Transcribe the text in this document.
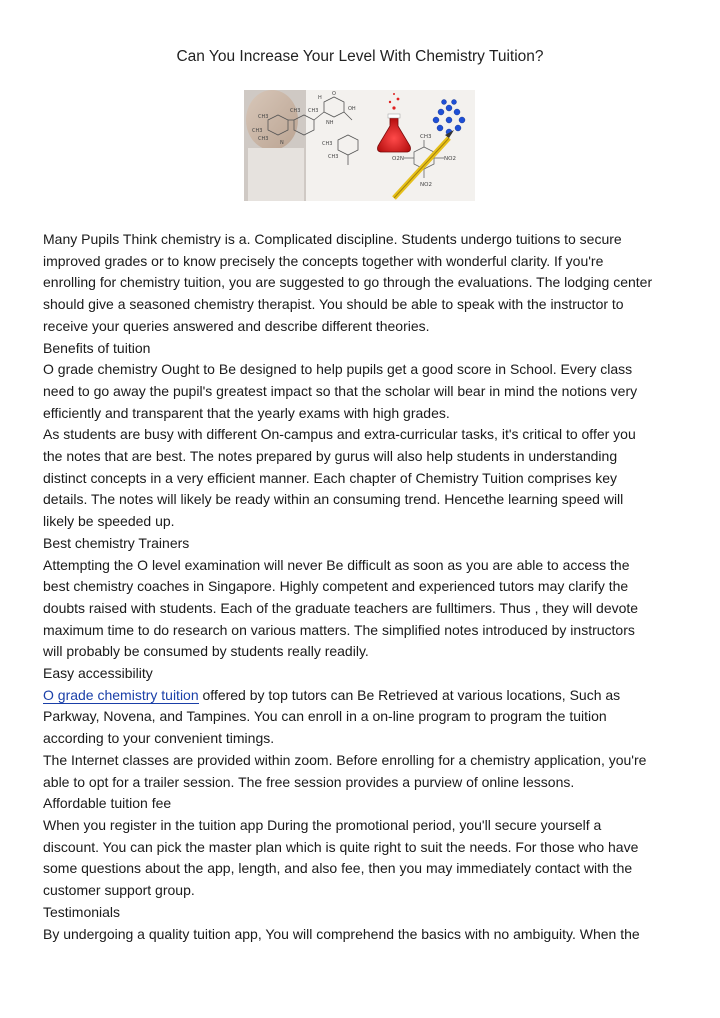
Can You Increase Your Level With Chemistry Tuition?
H
O
CH3
CH3 CH3
CH3
CH3
N
NH
OH
CH3
CH3
CH3
O2N	NO2
NO2
Many Pupils Think chemistry is a. Complicated discipline. Students undergo tuitions to secure
improved grades or to know precisely the concepts together with wonderful clarity. If you're
enrolling for chemistry tuition, you are suggested to go through the evaluations. The lodging center
should give a seasoned chemistry therapist. You should be able to speak with the instructor to
receive your queries answered and describe different theories.
Benefits of tuition
O grade chemistry Ought to Be designed to help pupils get a good score in School. Every class
need to go away the pupil's greatest impact so that the scholar will bear in mind the notions very
efficiently and transparent that the yearly exams with high grades.
As students are busy with different On-campus and extra-curricular tasks, it's critical to offer you
the notes that are best. The notes prepared by gurus will also help students in understanding
distinct concepts in a very efficient manner. Each chapter of Chemistry Tuition comprises key
details. The notes will likely be ready within an consuming trend. Hencethe learning speed will
likely be speeded up.
Best chemistry Trainers
Attempting the O level examination will never Be difficult as soon as you are able to access the
best chemistry coaches in Singapore. Highly competent and experienced tutors may clarify the
doubts raised with students. Each of the graduate teachers are fulltimers. Thus , they will devote
maximum time to do research on various matters. The simplified notes introduced by instructors
will probably be consumed by students really readily.
Easy accessibility
O grade chemistry tuition offered by top tutors can Be Retrieved at various locations, Such as
Parkway, Novena, and Tampines. You can enroll in a on-line program to program the tuition
according to your convenient timings.
The Internet classes are provided within zoom. Before enrolling for a chemistry application, you're
able to opt for a trailer session. The free session provides a purview of online lessons.
Affordable tuition fee
When you register in the tuition app During the promotional period, you'll secure yourself a
discount. You can pick the master plan which is quite right to suit the needs. For those who have
some questions about the app, length, and also fee, then you may immediately contact with the
customer support group.
Testimonials
By undergoing a quality tuition app, You will comprehend the basics with no ambiguity. When the
